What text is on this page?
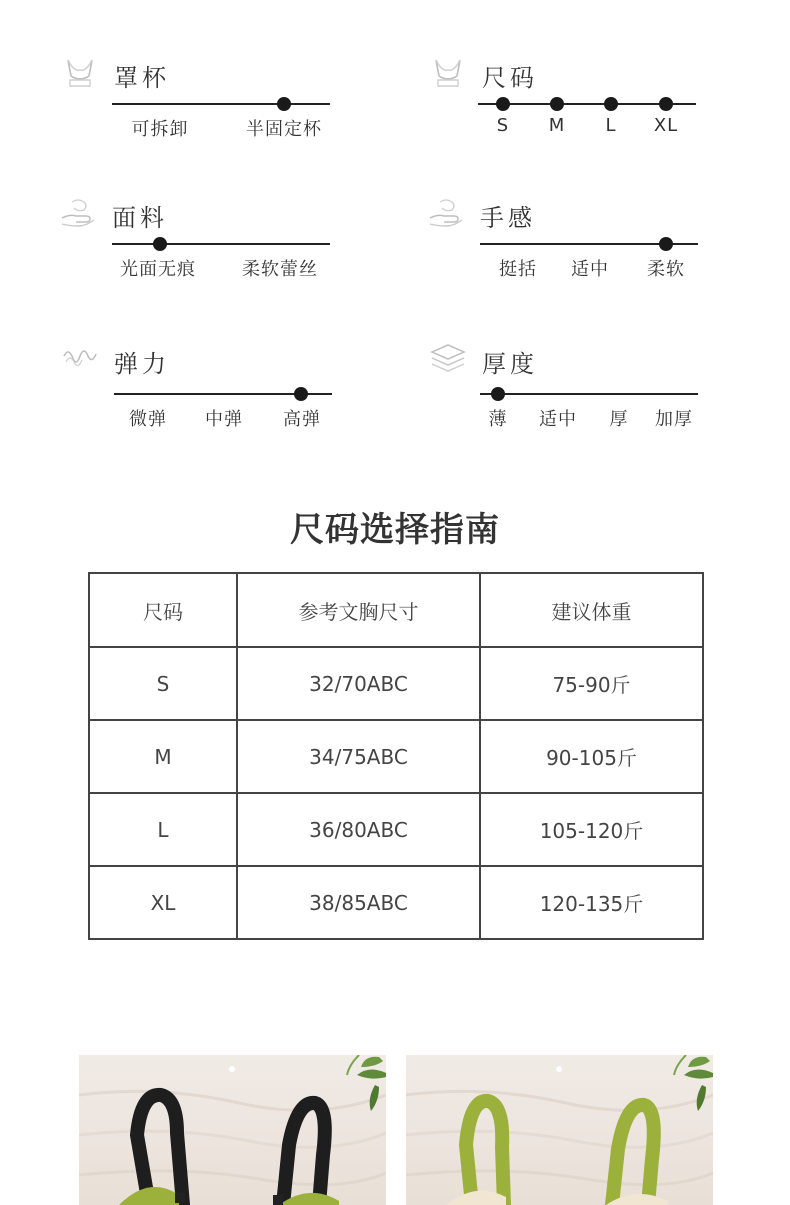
罩杯
可拆卸	半固定杯
尺码
S M L XL
面料
光面无痕	柔软蕾丝
手感
挺括 适中 柔软
弹力
微弹 中弹 高弹
厚度
薄 适中 厚 加厚
尺码选择指南
尺码	参考文胸尺寸	建议体重
S	32/70ABC	75-90斤
M	34/75ABC	90-105斤
L	36/80ABC	105-120斤
XL	38/85ABC	120-135斤
